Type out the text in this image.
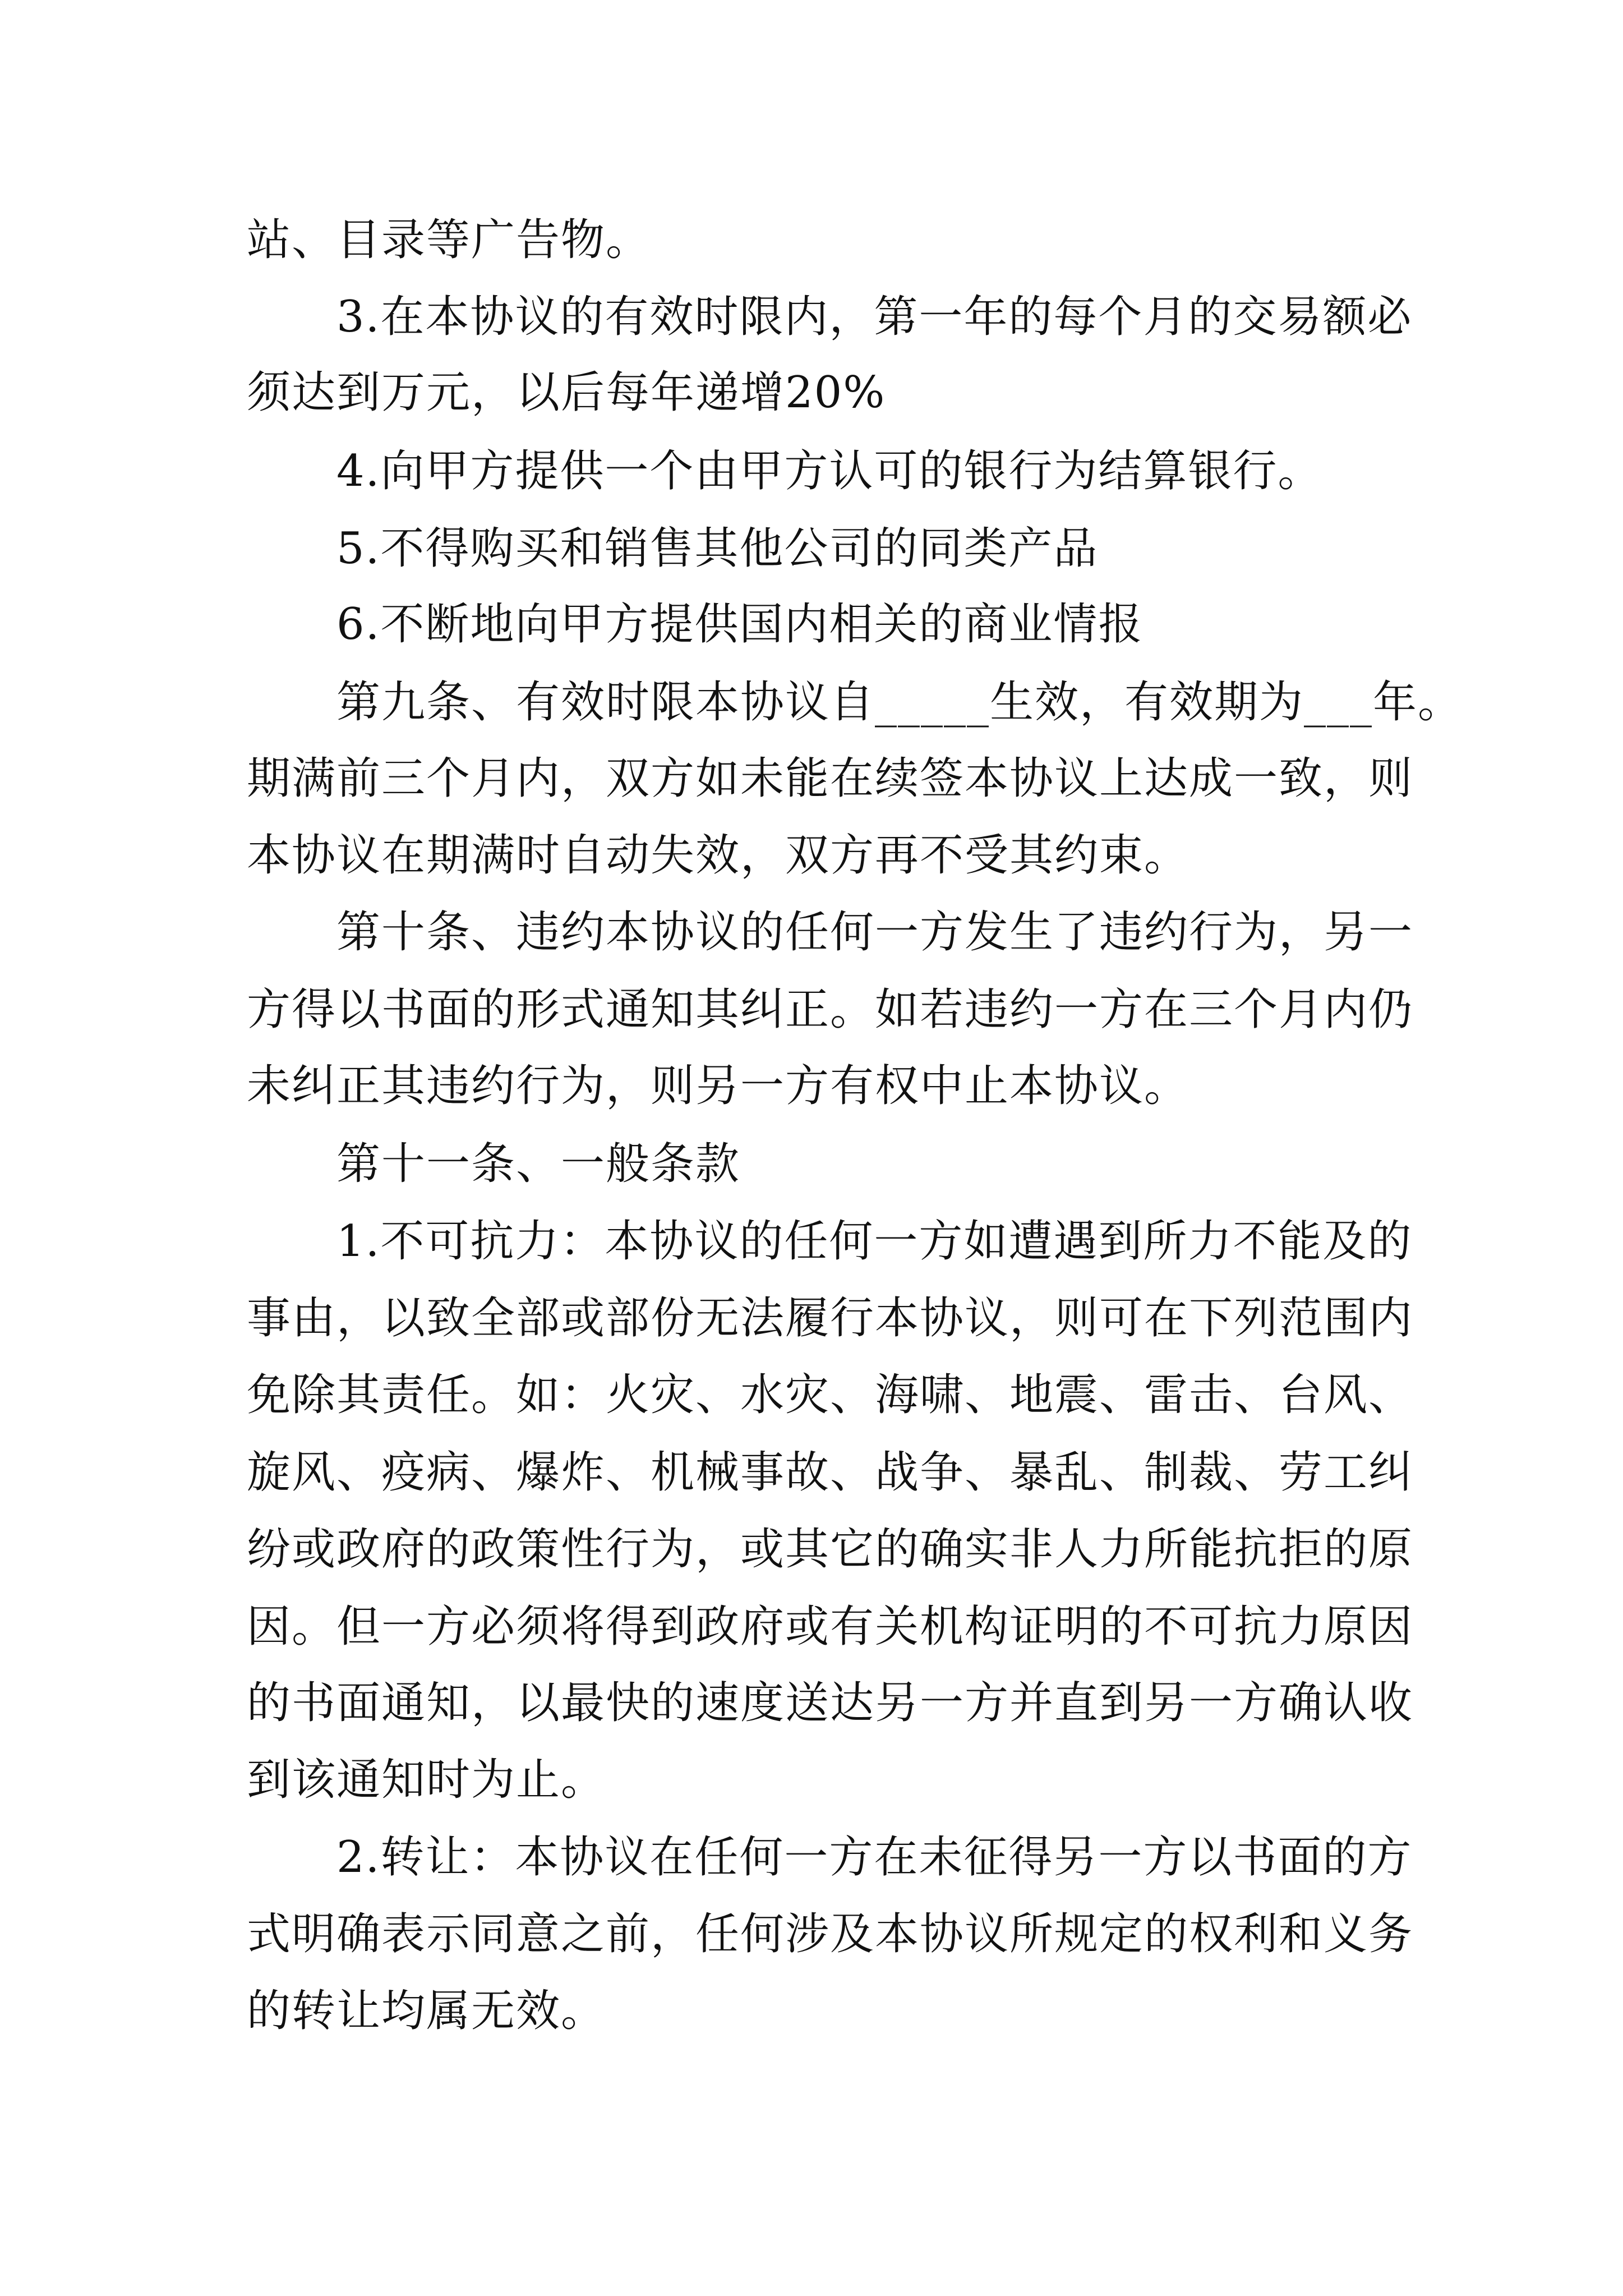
站、目录等广告物。
3.在本协议的有效时限内，第一年的每个月的交易额必
须达到万元，以后每年递增20%
4.向甲方提供一个由甲方认可的银行为结算银行。
5.不得购买和销售其他公司的同类产品
6.不断地向甲方提供国内相关的商业情报
第九条、有效时限本协议自_____生效，有效期为___年。
期满前三个月内，双方如未能在续签本协议上达成一致，则
本协议在期满时自动失效，双方再不受其约束。
第十条、违约本协议的任何一方发生了违约行为，另一
方得以书面的形式通知其纠正。如若违约一方在三个月内仍
未纠正其违约行为，则另一方有权中止本协议。
第十一条、一般条款
1.不可抗力：本协议的任何一方如遭遇到所力不能及的
事由，以致全部或部份无法履行本协议，则可在下列范围内
免除其责任。如：火灾、水灾、海啸、地震、雷击、台风、
旋风、疫病、爆炸、机械事故、战争、暴乱、制裁、劳工纠
纷或政府的政策性行为，或其它的确实非人力所能抗拒的原
因。但一方必须将得到政府或有关机构证明的不可抗力原因
的书面通知，以最快的速度送达另一方并直到另一方确认收
到该通知时为止。
2.转让：本协议在任何一方在未征得另一方以书面的方
式明确表示同意之前，任何涉及本协议所规定的权利和义务
的转让均属无效。
